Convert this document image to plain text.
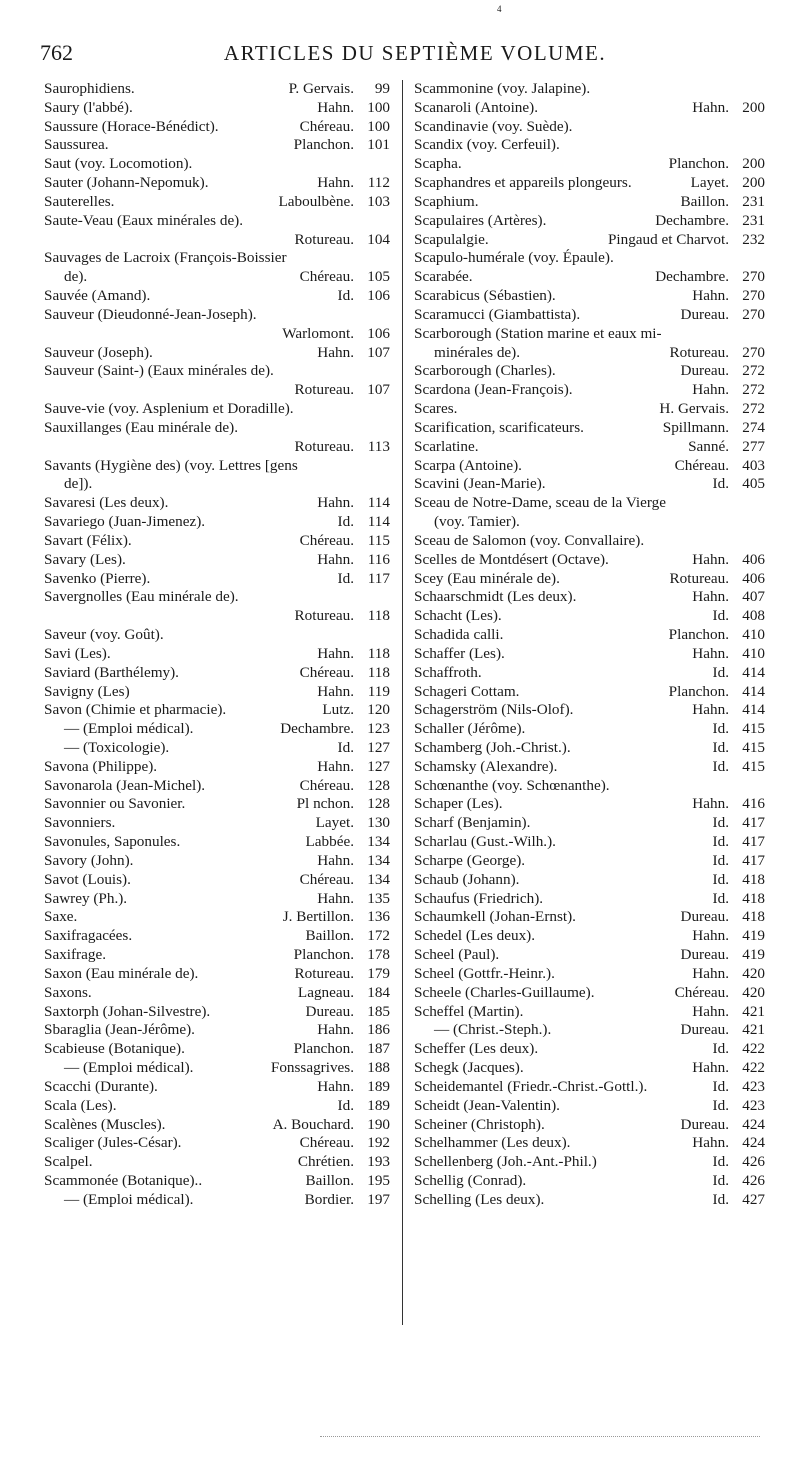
4
762	ARTICLES DU SEPTIÈME VOLUME.
Saurophidiens.	P. Gervais.	99
Saury (l'abbé).	Hahn. 100
Saussure (Horace-Bénédict).	Chéreau. 100
Saussurea.	Planchon. 101
Saut (voy. Locomotion).
Sauter (Johann-Nepomuk).	Hahn. 112
Sauterelles.	Laboulbène. 103
Saute-Veau (Eaux minérales de).
Rotureau. 104
Sauvages de Lacroix (François-Boissier
de).	Chéreau. 105
Sauvée (Amand).	Id. 106
Sauveur (Dieudonné-Jean-Joseph).
Warlomont. 106
Sauveur (Joseph).	Hahn. 107
Sauveur (Saint-) (Eaux minérales de).
Rotureau. 107
Sauve-vie (voy. Asplenium et Doradille).
Sauxillanges (Eau minérale de).
Rotureau. 113
Savants (Hygiène des) (voy. Lettres [gens
de]).
Savaresi (Les deux).	Hahn. 114
Savariego (Juan-Jimenez).	Id. 114
Savart (Félix).	Chéreau. 115
Savary (Les).	Hahn. 116
Savenko (Pierre).	Id. 117
Savergnolles (Eau minérale de).
Rotureau. 118
Saveur (voy. Goût).
Savi (Les).	Hahn. 118
Saviard (Barthélemy).	Chéreau. 118
Savigny (Les)	Hahn. 119
Savon (Chimie et pharmacie).	Lutz. 120
— (Emploi médical).	Dechambre. 123
— (Toxicologie).	Id. 127
Savona (Philippe).	Hahn. 127
Savonarola (Jean-Michel).	Chéreau. 128
Savonnier ou Savonier.	Pl nchon. 128
Savonniers.	Layet. 130
Savonules, Saponules.	Labbée. 134
Savory (John).	Hahn. 134
Savot (Louis).	Chéreau. 134
Sawrey (Ph.).	Hahn. 135
Saxe.	J. Bertillon. 136
Saxifragacées.	Baillon. 172
Saxifrage.	Planchon. 178
Saxon (Eau minérale de).	Rotureau. 179
Saxons.	Lagneau. 184
Saxtorph (Johan-Silvestre).	Dureau. 185
Sbaraglia (Jean-Jérôme).	Hahn. 186
Scabieuse (Botanique).	Planchon. 187
— (Emploi médical).	Fonssagrives. 188
Scacchi (Durante).	Hahn. 189
Scala (Les).	Id. 189
Scalènes (Muscles).	A. Bouchard. 190
Scaliger (Jules-César).	Chéreau. 192
Scalpel.	Chrétien. 193
Scammonée (Botanique)..	Baillon. 195
— (Emploi médical).	Bordier. 197
Scammonine (voy. Jalapine).
Scanaroli (Antoine).	Hahn. 200
Scandinavie (voy. Suède).
Scandix (voy. Cerfeuil).
Scapha.	Planchon. 200
Scaphandres et appareils plongeurs.	Layet. 200
Scaphium.	Baillon. 231
Scapulaires (Artères).	Dechambre. 231
Scapulalgie.	Pingaud et Charvot. 232
Scapulo-humérale (voy. Épaule).
Scarabée.	Dechambre. 270
Scarabicus (Sébastien).	Hahn. 270
Scaramucci (Giambattista).	Dureau. 270
Scarborough (Station marine et eaux mi-
minérales de).	Rotureau. 270
Scarborough (Charles).	Dureau. 272
Scardona (Jean-François).	Hahn. 272
Scares.	H. Gervais. 272
Scarification, scarificateurs.	Spillmann. 274
Scarlatine.	Sanné. 277
Scarpa (Antoine).	Chéreau. 403
Scavini (Jean-Marie).	Id. 405
Sceau de Notre-Dame, sceau de la Vierge
(voy. Tamier).
Sceau de Salomon (voy. Convallaire).
Scelles de Montdésert (Octave).	Hahn. 406
Scey (Eau minérale de).	Rotureau. 406
Schaarschmidt (Les deux).	Hahn. 407
Schacht (Les).	Id. 408
Schadida calli.	Planchon. 410
Schaffer (Les).	Hahn. 410
Schaffroth.	Id. 414
Schageri Cottam.	Planchon. 414
Schagerström (Nils-Olof).	Hahn. 414
Schaller (Jérôme).	Id. 415
Schamberg (Joh.-Christ.).	Id. 415
Schamsky (Alexandre).	Id. 415
Schœnanthe (voy. Schœnanthe).
Schaper (Les).	Hahn. 416
Scharf (Benjamin).	Id. 417
Scharlau (Gust.-Wilh.).	Id. 417
Scharpe (George).	Id. 417
Schaub (Johann).	Id. 418
Schaufus (Friedrich).	Id. 418
Schaumkell (Johan-Ernst).	Dureau. 418
Schedel (Les deux).	Hahn. 419
Scheel (Paul).	Dureau. 419
Scheel (Gottfr.-Heinr.).	Hahn. 420
Scheele (Charles-Guillaume).	Chéreau. 420
Scheffel (Martin).	Hahn. 421
— (Christ.-Steph.).	Dureau. 421
Scheffer (Les deux).	Id. 422
Schegk (Jacques).	Hahn. 422
Scheidemantel (Friedr.-Christ.-Gottl.).	Id. 423
Scheidt (Jean-Valentin).	Id. 423
Scheiner (Christoph).	Dureau. 424
Schelhammer (Les deux).	Hahn. 424
Schellenberg (Joh.-Ant.-Phil.)	Id. 426
Schellig (Conrad).	Id. 426
Schelling (Les deux).	Id. 427
